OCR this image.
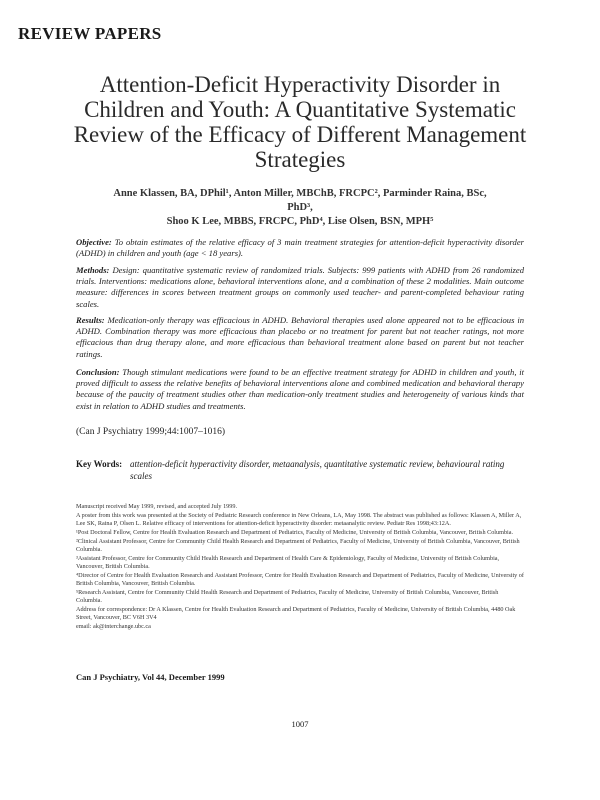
REVIEW PAPERS
Attention-Deficit Hyperactivity Disorder in Children and Youth: A Quantitative Systematic Review of the Efficacy of Different Management Strategies
Anne Klassen, BA, DPhil¹, Anton Miller, MBChB, FRCPC², Parminder Raina, BSc, PhD³,
Shoo K Lee, MBBS, FRCPC, PhD⁴, Lise Olsen, BSN, MPH⁵
Objective: To obtain estimates of the relative efficacy of 3 main treatment strategies for attention-deficit hyperactivity disorder (ADHD) in children and youth (age < 18 years).
Methods: Design: quantitative systematic review of randomized trials. Subjects: 999 patients with ADHD from 26 randomized trials. Interventions: medications alone, behavioral interventions alone, and a combination of these 2 modalities. Main outcome measure: differences in scores between treatment groups on commonly used teacher- and parent-completed behaviour rating scales.
Results: Medication-only therapy was efficacious in ADHD. Behavioral therapies used alone appeared not to be efficacious in ADHD. Combination therapy was more efficacious than placebo or no treatment for parent but not teacher ratings, not more efficacious than drug therapy alone, and more efficacious than behavioral treatment alone based on parent but not teacher ratings.
Conclusion: Though stimulant medications were found to be an effective treatment strategy for ADHD in children and youth, it proved difficult to assess the relative benefits of behavioral interventions alone and combined medication and behavioral therapy because of the paucity of treatment studies other than medication-only treatment studies and heterogeneity of various kinds that exist in relation to ADHD studies and treatments.
(Can J Psychiatry 1999;44:1007–1016)
Key Words: attention-deficit hyperactivity disorder, metaanalysis, quantitative systematic review, behavioural rating scales

Manuscript received May 1999, revised, and accepted July 1999.

A poster from this work was presented at the Society of Pediatric Research conference in New Orleans, LA, May 1998. The abstract was published as follows: Klassen A, Miller A, Lee SK, Raina P, Olsen L. Relative efficacy of interventions for attention-deficit hyperactivity disorder: metaanalytic review. Pediatr Res 1998;43:12A.

¹Post Doctoral Fellow, Centre for Health Evaluation Research and Department of Pediatrics, Faculty of Medicine, University of British Columbia, Vancouver, British Columbia.

²Clinical Assistant Professor, Centre for Community Child Health Research and Department of Pediatrics, Faculty of Medicine, University of British Columbia, Vancouver, British Columbia.

³Assistant Professor, Centre for Community Child Health Research and Department of Health Care & Epidemiology, Faculty of Medicine, University of British Columbia, Vancouver, British Columbia.

⁴Director of Centre for Health Evaluation Research and Assistant Professor, Centre for Health Evaluation Research and Department of Pediatrics, Faculty of Medicine, University of British Columbia, Vancouver, British Columbia.

⁵Research Assistant, Centre for Community Child Health Research and Department of Pediatrics, Faculty of Medicine, University of British Columbia, Vancouver, British Columbia.

Address for correspondence: Dr A Klassen, Centre for Health Evaluation Research and Department of Pediatrics, Faculty of Medicine, University of British Columbia, 4480 Oak Street, Vancouver, BC V6H 3V4

email: ak@interchange.ubc.ca

Can J Psychiatry, Vol 44, December 1999
1007
